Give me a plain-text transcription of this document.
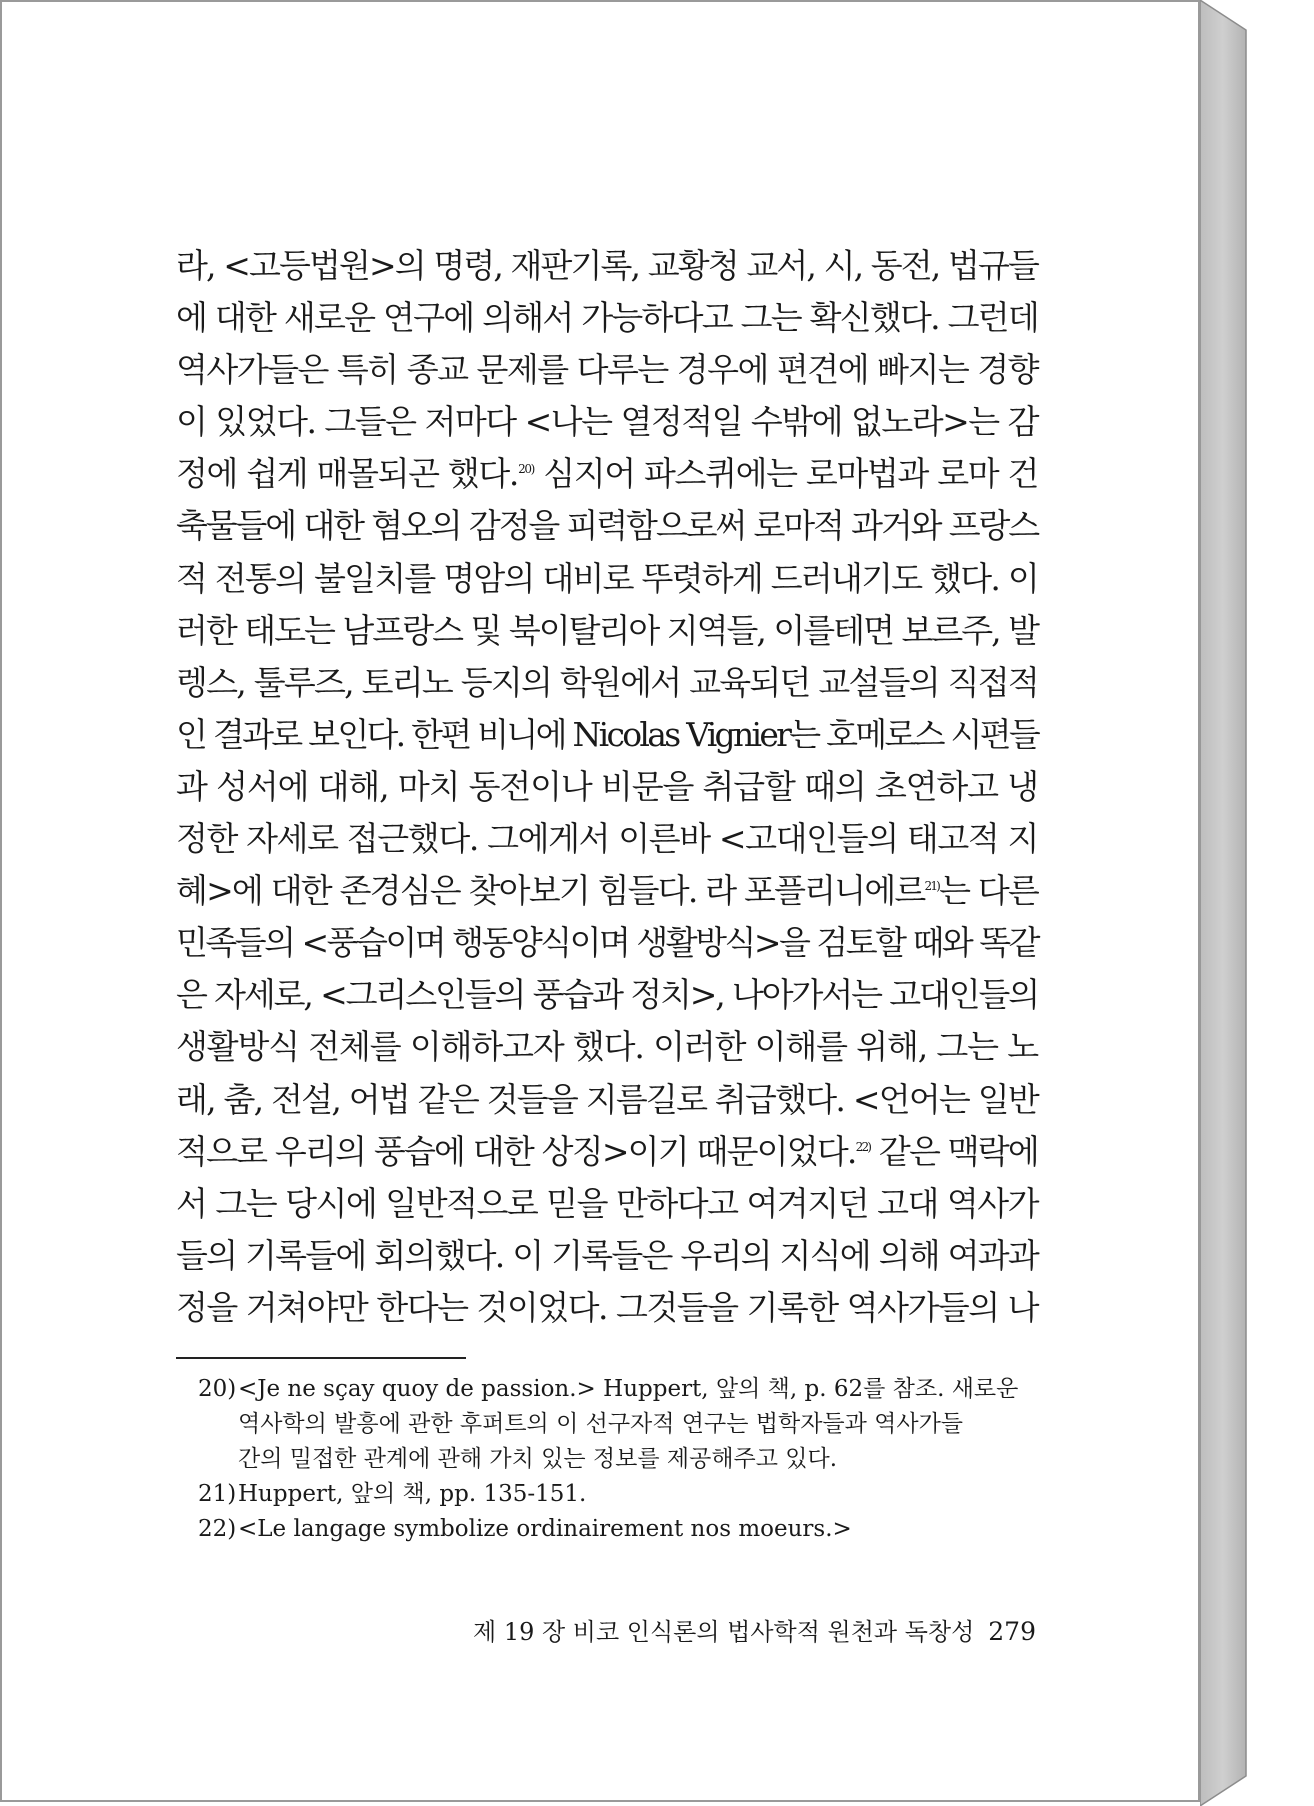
라, <고등법원>의 명령, 재판기록, 교황청 교서, 시, 동전, 법규들
에 대한 새로운 연구에 의해서 가능하다고 그는 확신했다. 그런데
역사가들은 특히 종교 문제를 다루는 경우에 편견에 빠지는 경향
이 있었다. 그들은 저마다 <나는 열정적일 수밖에 없노라>는 감
정에 쉽게 매몰되곤 했다.$^{20)}$ 심지어 파스퀴에는 로마법과 로마 건
축물들에 대한 혐오의 감정을 피력함으로써 로마적 과거와 프랑스
적 전통의 불일치를 명암의 대비로 뚜렷하게 드러내기도 했다. 이
러한 태도는 남프랑스 및 북이탈리아 지역들, 이를테면 보르주, 발
렝스, 툴루즈, 토리노 등지의 학원에서 교육되던 교설들의 직접적
인 결과로 보인다. 한편 비니에 Nicolas Vignier는 호메로스 시편들
과 성서에 대해, 마치 동전이나 비문을 취급할 때의 초연하고 냉
정한 자세로 접근했다. 그에게서 이른바 <고대인들의 태고적 지
혜>에 대한 존경심은 찾아보기 힘들다. 라 포플리니에르$^{21)}$는 다른
민족들의 <풍습이며 행동양식이며 생활방식>을 검토할 때와 똑같
은 자세로, <그리스인들의 풍습과 정치>, 나아가서는 고대인들의
생활방식 전체를 이해하고자 했다. 이러한 이해를 위해, 그는 노
래, 춤, 전설, 어법 같은 것들을 지름길로 취급했다. <언어는 일반
적으로 우리의 풍습에 대한 상징>이기 때문이었다.$^{22)}$ 같은 맥락에
서 그는 당시에 일반적으로 믿을 만하다고 여겨지던 고대 역사가
들의 기록들에 회의했다. 이 기록들은 우리의 지식에 의해 여과과
정을 거쳐야만 한다는 것이었다. 그것들을 기록한 역사가들의 나
20) <Je ne sçay quoy de passion.> Huppert, 앞의 책, p. 62를 참조. 새로운
역사학의 발흥에 관한 후퍼트의 이 선구자적 연구는 법학자들과 역사가들
간의 밀접한 관계에 관해 가치 있는 정보를 제공해주고 있다.
21) Huppert, 앞의 책, pp. 135-151.
22) <Le langage symbolize ordinairement nos moeurs.>
제 19 장 비코 인식론의 법사학적 원천과 독창성 279
